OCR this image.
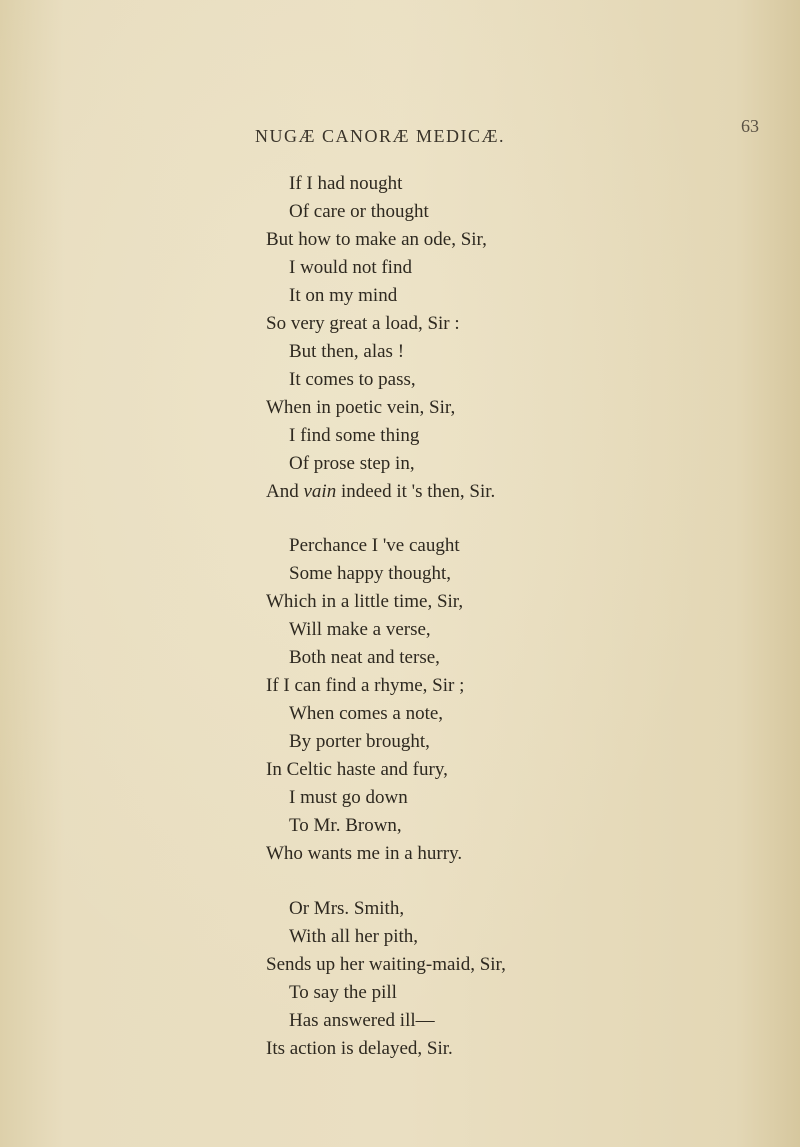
NUGÆ CANORÆ MEDICÆ.	63
If I had nought
Of care or thought
But how to make an ode, Sir,
I would not find
It on my mind
So very great a load, Sir :
But then, alas !
It comes to pass,
When in poetic vein, Sir,
I find some thing
Of prose step in,
And vain indeed it 's then, Sir.
Perchance I 've caught
Some happy thought,
Which in a little time, Sir,
Will make a verse,
Both neat and terse,
If I can find a rhyme, Sir ;
When comes a note,
By porter brought,
In Celtic haste and fury,
I must go down
To Mr. Brown,
Who wants me in a hurry.
Or Mrs. Smith,
With all her pith,
Sends up her waiting-maid, Sir,
To say the pill
Has answered ill—
Its action is delayed, Sir.
